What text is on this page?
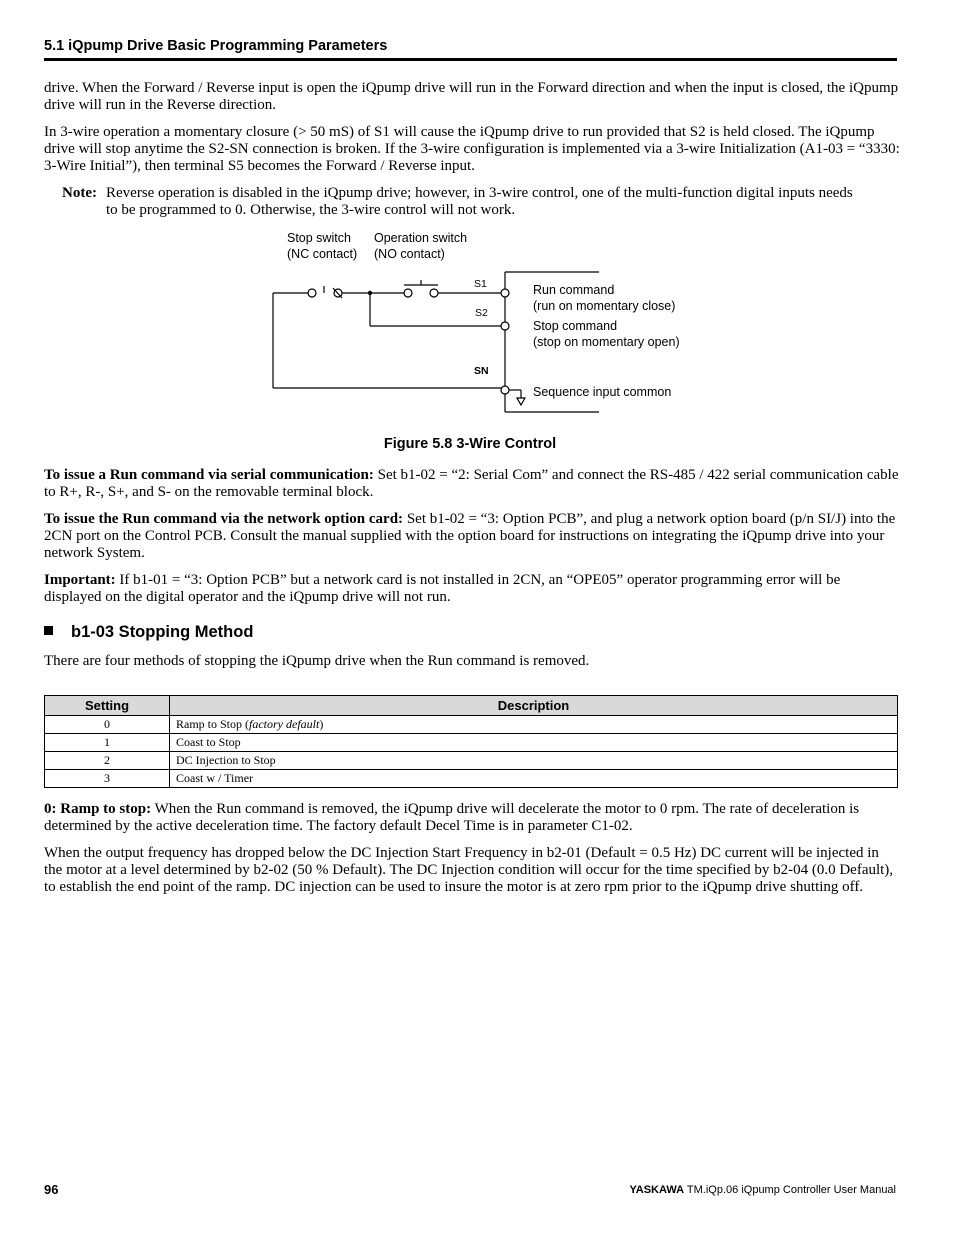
5.1 iQpump Drive Basic Programming Parameters

drive. When the Forward / Reverse input is open the iQpump drive will run in the Forward direction and when the input is closed, the iQpump drive will run in the Reverse direction.

In 3-wire operation a momentary closure (> 50 mS) of S1 will cause the iQpump drive to run provided that S2 is held closed. The iQpump drive will stop anytime the S2-SN connection is broken. If the 3-wire configuration is implemented via a 3-wire Initialization (A1-03 = “3330: 3-Wire Initial”), then terminal S5 becomes the Forward / Reverse input.

Note: Reverse operation is disabled in the iQpump drive; however, in 3-wire control, one of the multi-function digital inputs needs to be programmed to 0. Otherwise, the 3-wire control will not work.
Stop switch
(NC contact)
Operation switch
(NO contact)
S1
S2
SN
Run command
(run on momentary close)
Stop command
(stop on momentary open)
Sequence input common
Figure 5.8 3-Wire Control

To issue a Run command via serial communication: Set b1-02 = “2: Serial Com” and connect the RS-485 / 422 serial communication cable to R+, R-, S+, and S- on the removable terminal block.

To issue the Run command via the network option card: Set b1-02 = “3: Option PCB”, and plug a network option board (p/n SI/J) into the 2CN port on the Control PCB. Consult the manual supplied with the option board for instructions on integrating the iQpump drive into your network System.

Important: If b1-01 = “3: Option PCB” but a network card is not installed in 2CN, an “OPE05” operator programming error will be displayed on the digital operator and the iQpump drive will not run.

b1-03 Stopping Method

There are four methods of stopping the iQpump drive when the Run command is removed.

Setting	Description
0	Ramp to Stop (factory default)
1	Coast to Stop
2	DC Injection to Stop
3	Coast w / Timer

0: Ramp to stop: When the Run command is removed, the iQpump drive will decelerate the motor to 0 rpm. The rate of deceleration is determined by the active deceleration time. The factory default Decel Time is in parameter C1-02.

When the output frequency has dropped below the DC Injection Start Frequency in b2-01 (Default = 0.5 Hz) DC current will be injected in the motor at a level determined by b2-02 (50 % Default). The DC Injection condition will occur for the time specified by b2-04 (0.0 Default), to establish the end point of the ramp. DC injection can be used to insure the motor is at zero rpm prior to the iQpump drive shutting off.

96	YASKAWA TM.iQp.06 iQpump Controller User Manual
